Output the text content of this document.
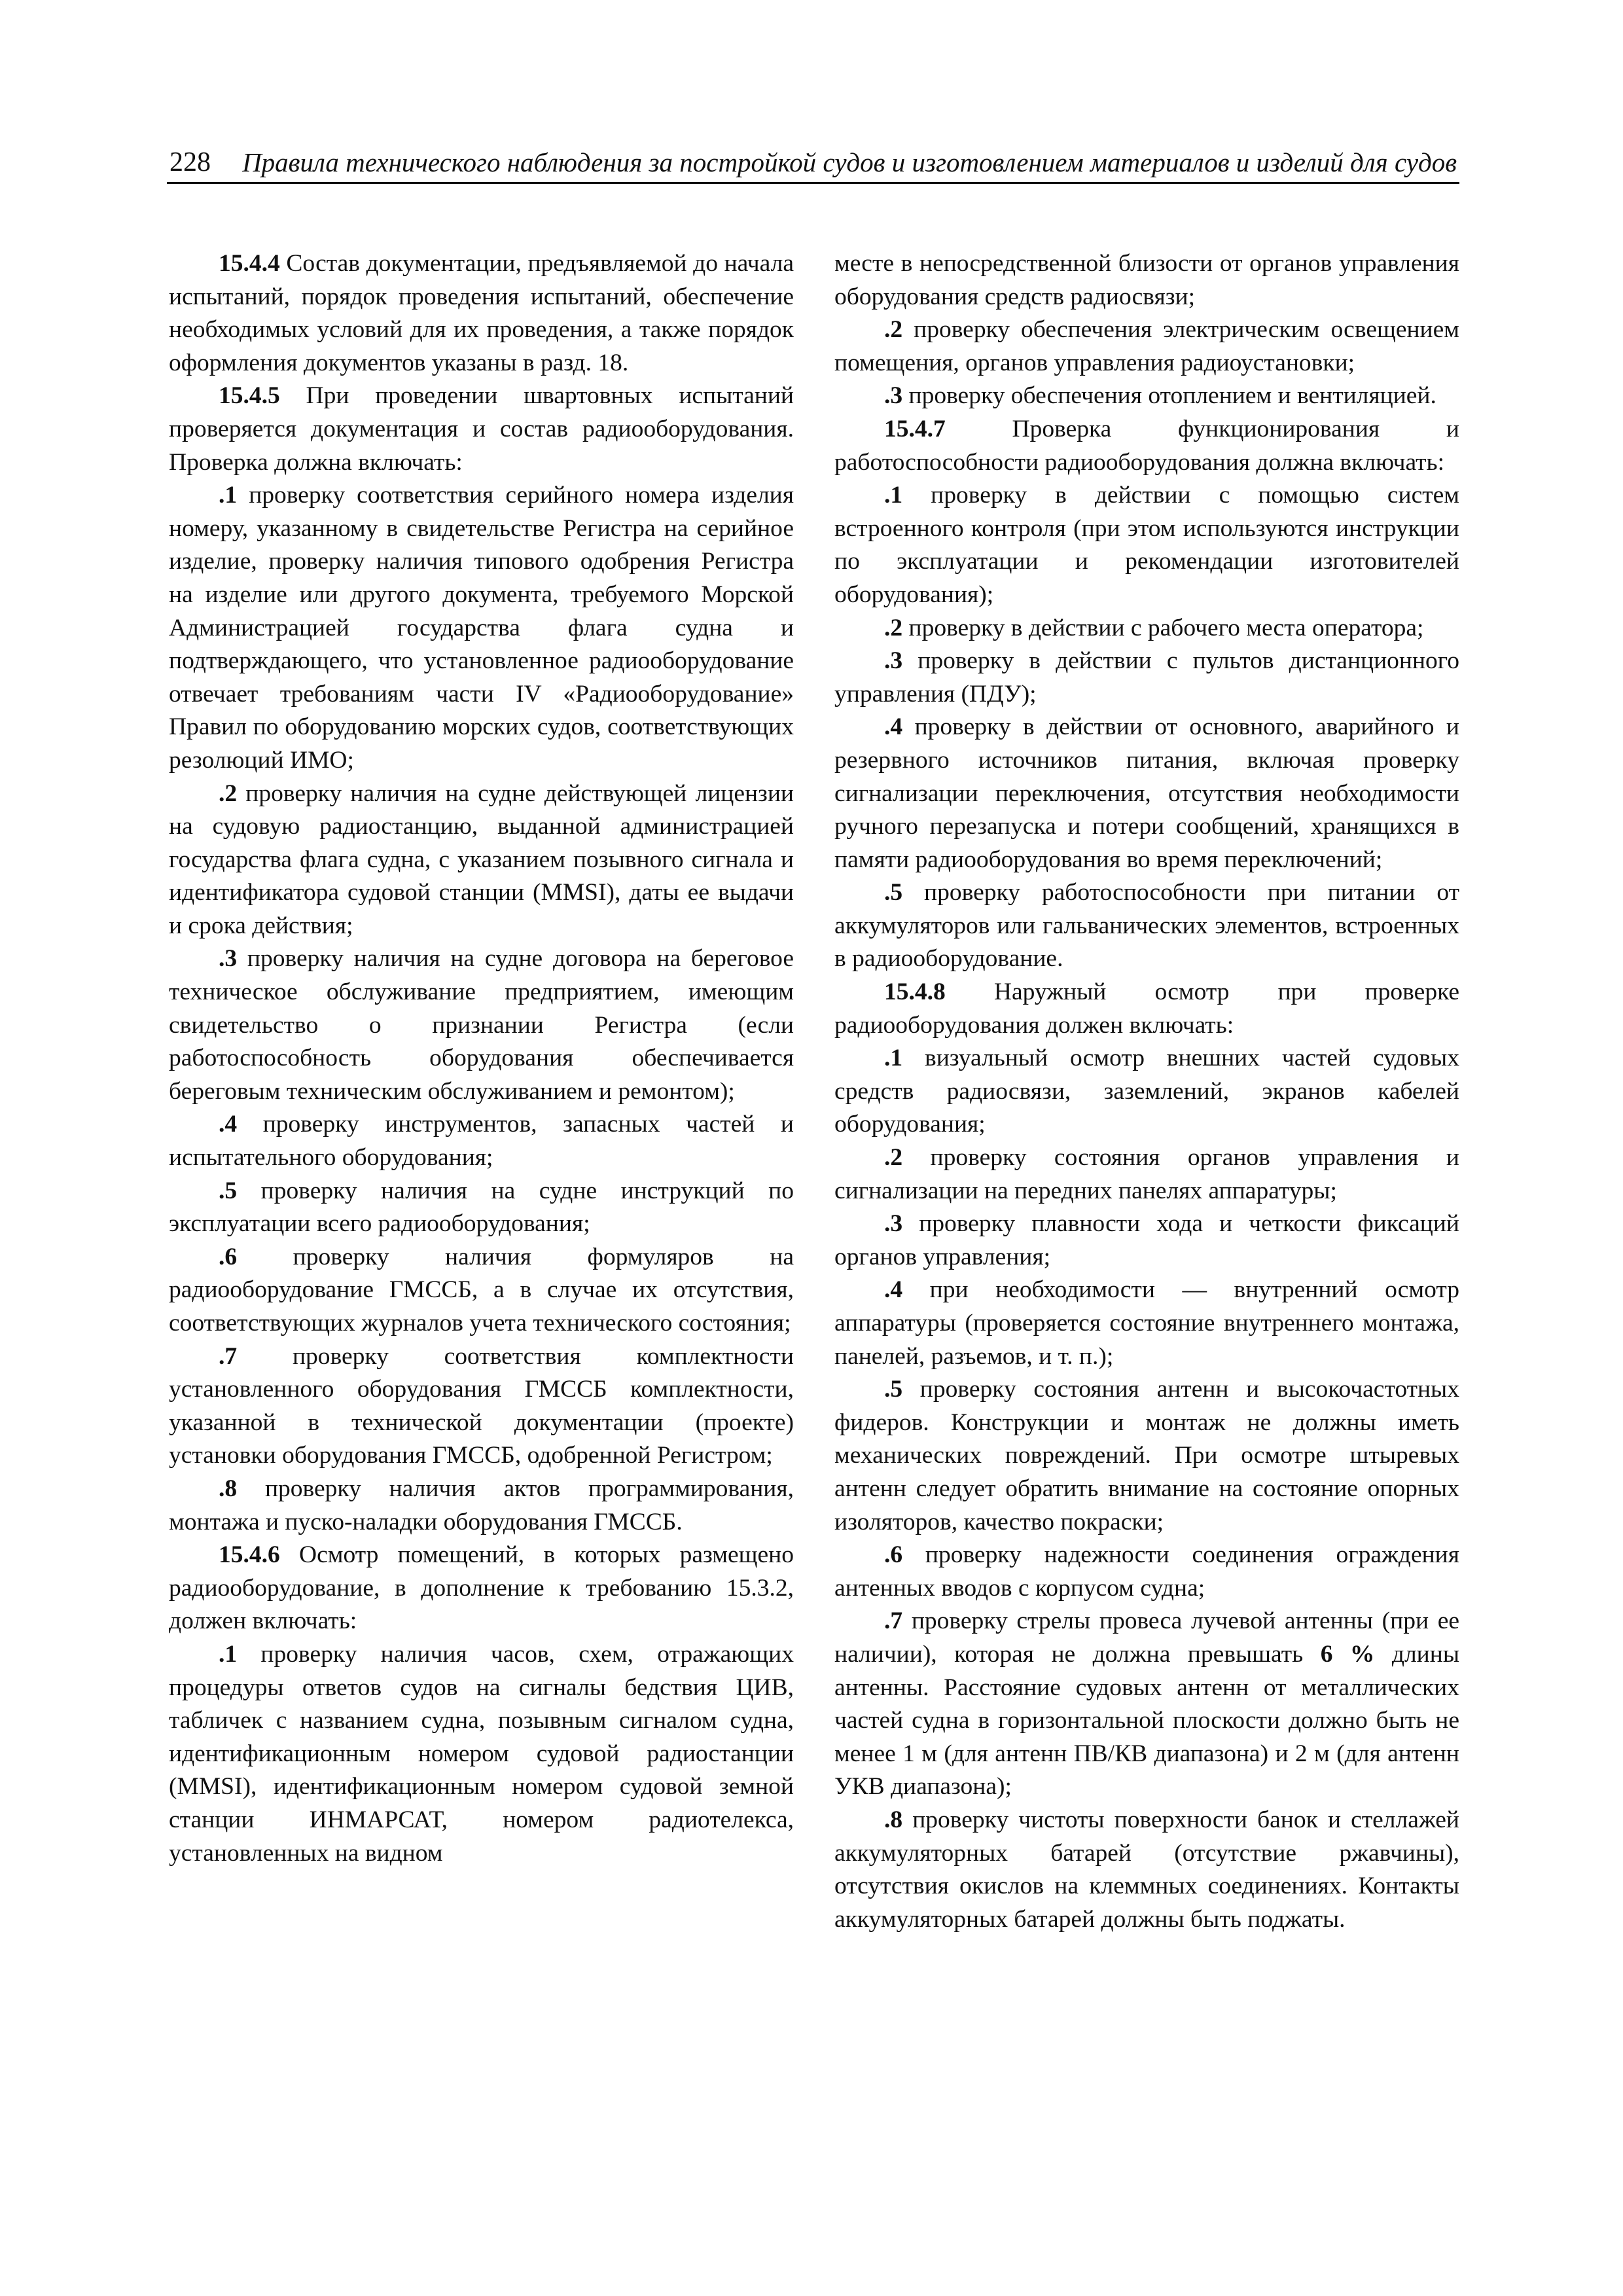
228 Правила технического наблюдения за постройкой судов и изготовлением материалов и изделий для судов

15.4.4 Состав документации, предъявляемой до начала испытаний, порядок проведения испытаний, обеспечение необходимых условий для их проведения, а также порядок оформления документов указаны в разд. 18.

15.4.5 При проведении швартовных испытаний проверяется документация и состав радиооборудования. Проверка должна включать:

.1 проверку соответствия серийного номера изделия номеру, указанному в свидетельстве Регистра на серийное изделие, проверку наличия типового одобрения Регистра на изделие или другого документа, требуемого Морской Администрацией государства флага судна и подтверждающего, что установленное радиооборудование отвечает требованиям части IV «Радиооборудование» Правил по оборудованию морских судов, соответствующих резолюций ИМО;

.2 проверку наличия на судне действующей лицензии на судовую радиостанцию, выданной администрацией государства флага судна, с указанием позывного сигнала и идентификатора судовой станции (MMSI), даты ее выдачи и срока действия;

.3 проверку наличия на судне договора на береговое техническое обслуживание предприятием, имеющим свидетельство о признании Регистра (если работоспособность оборудования обеспечивается береговым техническим обслуживанием и ремонтом);

.4 проверку инструментов, запасных частей и испытательного оборудования;

.5 проверку наличия на судне инструкций по эксплуатации всего радиооборудования;

.6 проверку наличия формуляров на радиооборудование ГМССБ, а в случае их отсутствия, соответствующих журналов учета технического состояния;

.7 проверку соответствия комплектности установленного оборудования ГМССБ комплектности, указанной в технической документации (проекте) установки оборудования ГМССБ, одобренной Регистром;

.8 проверку наличия актов программирования, монтажа и пуско-наладки оборудования ГМССБ.

15.4.6 Осмотр помещений, в которых размещено радиооборудование, в дополнение к требованию 15.3.2, должен включать:

.1 проверку наличия часов, схем, отражающих процедуры ответов судов на сигналы бедствия ЦИВ, табличек с названием судна, позывным сигналом судна, идентификационным номером судовой радиостанции (MMSI), идентификационным номером судовой земной станции ИНМАРСАТ, номером радиотелекса, установленных на видном

месте в непосредственной близости от органов управления оборудования средств радиосвязи;

.2 проверку обеспечения электрическим освещением помещения, органов управления радиоустановки;

.3 проверку обеспечения отоплением и вентиляцией.

15.4.7 Проверка функционирования и работоспособности радиооборудования должна включать:

.1 проверку в действии с помощью систем встроенного контроля (при этом используются инструкции по эксплуатации и рекомендации изготовителей оборудования);

.2 проверку в действии с рабочего места оператора;

.3 проверку в действии с пультов дистанционного управления (ПДУ);

.4 проверку в действии от основного, аварийного и резервного источников питания, включая проверку сигнализации переключения, отсутствия необходимости ручного перезапуска и потери сообщений, хранящихся в памяти радиооборудования во время переключений;

.5 проверку работоспособности при питании от аккумуляторов или гальванических элементов, встроенных в радиооборудование.

15.4.8 Наружный осмотр при проверке радиооборудования должен включать:

.1 визуальный осмотр внешних частей судовых средств радиосвязи, заземлений, экранов кабелей оборудования;

.2 проверку состояния органов управления и сигнализации на передних панелях аппаратуры;

.3 проверку плавности хода и четкости фиксаций органов управления;

.4 при необходимости — внутренний осмотр аппаратуры (проверяется состояние внутреннего монтажа, панелей, разъемов, и т. п.);

.5 проверку состояния антенн и высокочастотных фидеров. Конструкции и монтаж не должны иметь механических повреждений. При осмотре штыревых антенн следует обратить внимание на состояние опорных изоляторов, качество покраски;

.6 проверку надежности соединения ограждения антенных вводов с корпусом судна;

.7 проверку стрелы провеса лучевой антенны (при ее наличии), которая не должна превышать 6 % длины антенны. Расстояние судовых антенн от металлических частей судна в горизонтальной плоскости должно быть не менее 1 м (для антенн ПВ/КВ диапазона) и 2 м (для антенн УКВ диапазона);

.8 проверку чистоты поверхности банок и стеллажей аккумуляторных батарей (отсутствие ржавчины), отсутствия окислов на клеммных соединениях. Контакты аккумуляторных батарей должны быть поджаты.
